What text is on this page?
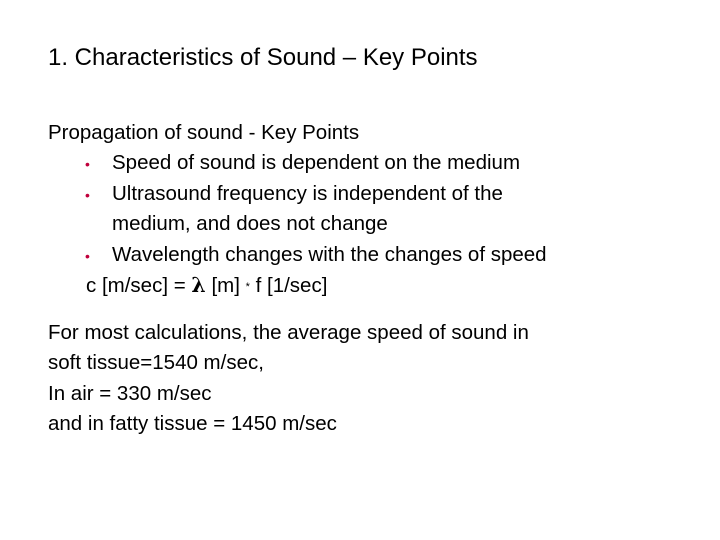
1. Characteristics of Sound – Key Points
Propagation of sound - Key Points
• Speed of sound is dependent on the medium
• Ultrasound frequency is independent of the
medium, and does not change
• Wavelength changes with the changes of speed
c [m/sec] = λ [m] * f [1/sec]
For most calculations, the average speed of sound in
soft tissue=1540 m/sec,
In air = 330 m/sec
and in fatty tissue = 1450 m/sec
